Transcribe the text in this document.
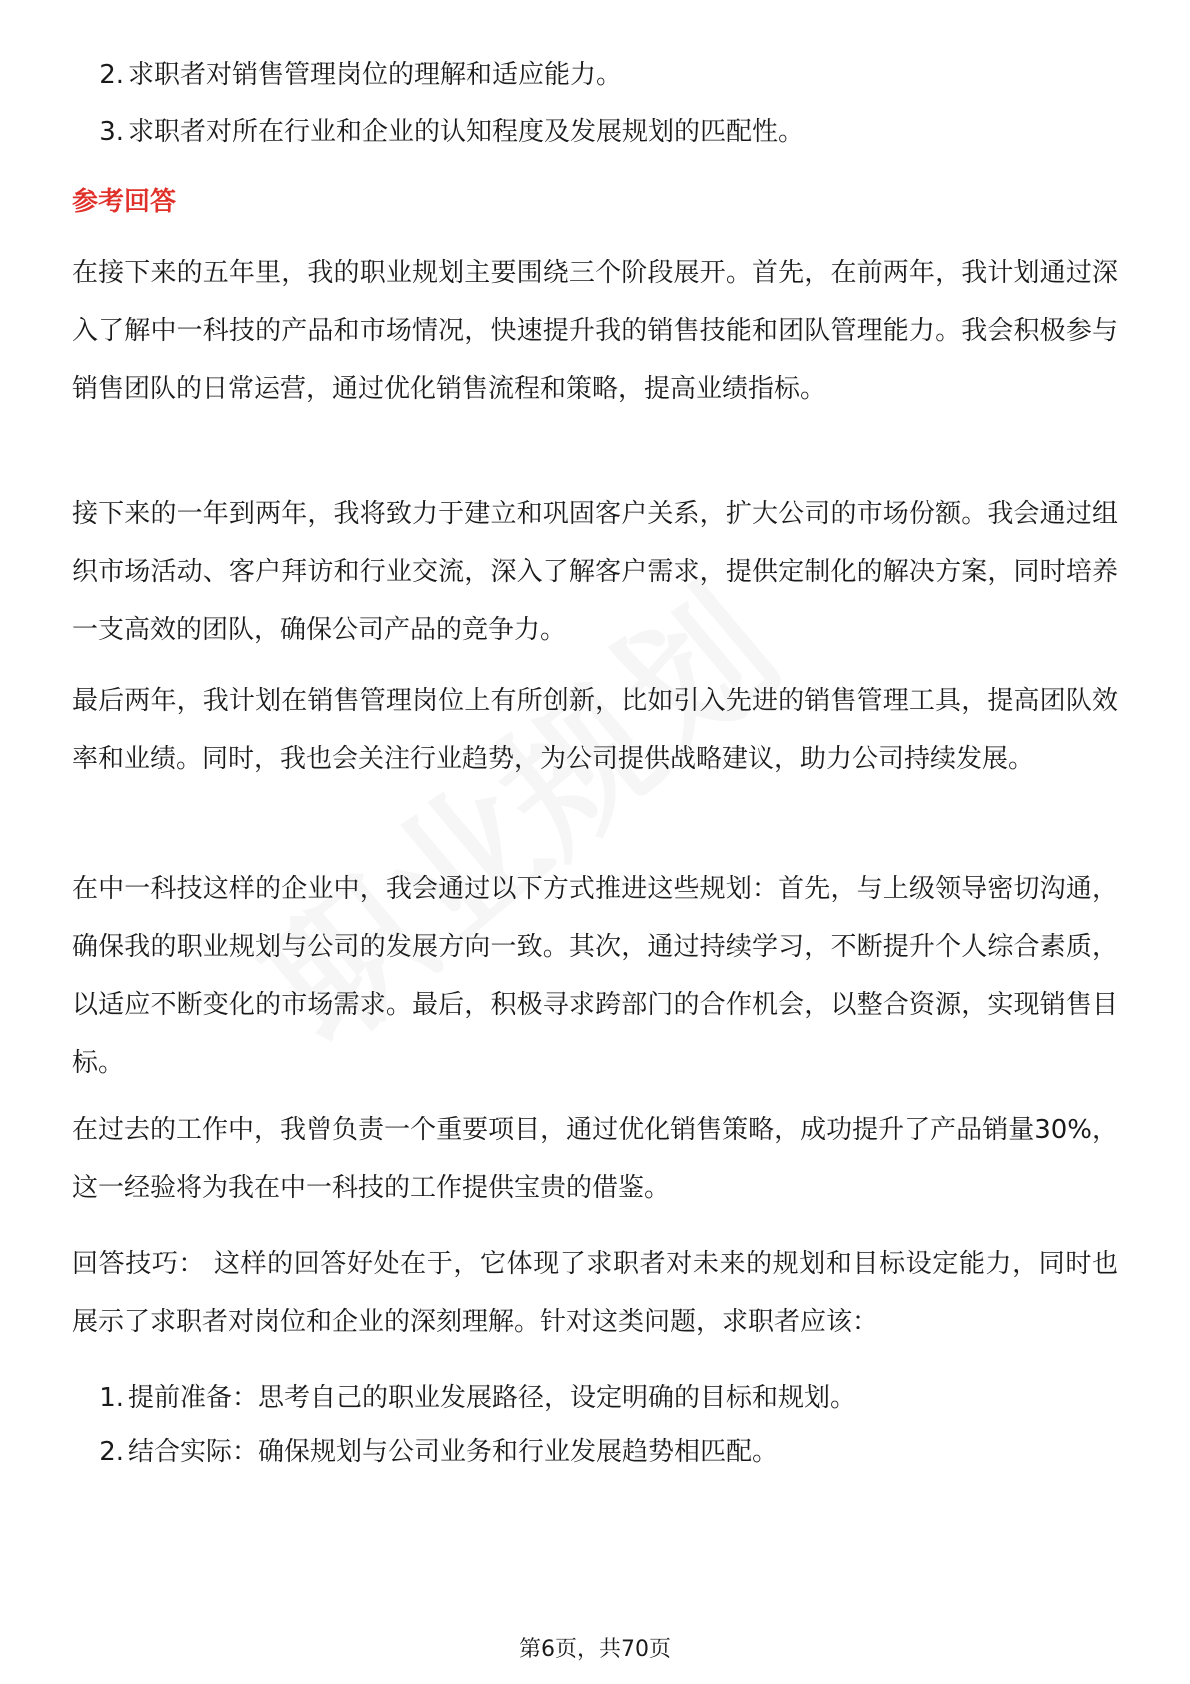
2. 求职者对销售管理岗位的理解和适应能力。
3. 求职者对所在行业和企业的认知程度及发展规划的匹配性。
参考回答
在接下来的五年里，我的职业规划主要围绕三个阶段展开。首先，在前两年，我计划通过深入了解中一科技的产品和市场情况，快速提升我的销售技能和团队管理能力。我会积极参与销售团队的日常运营，通过优化销售流程和策略，提高业绩指标。
接下来的一年到两年，我将致力于建立和巩固客户关系，扩大公司的市场份额。我会通过组织市场活动、客户拜访和行业交流，深入了解客户需求，提供定制化的解决方案，同时培养一支高效的团队，确保公司产品的竞争力。
最后两年，我计划在销售管理岗位上有所创新，比如引入先进的销售管理工具，提高团队效率和业绩。同时，我也会关注行业趋势，为公司提供战略建议，助力公司持续发展。
在中一科技这样的企业中，我会通过以下方式推进这些规划：首先，与上级领导密切沟通，确保我的职业规划与公司的发展方向一致。其次，通过持续学习，不断提升个人综合素质，以适应不断变化的市场需求。最后，积极寻求跨部门的合作机会，以整合资源，实现销售目标。
在过去的工作中，我曾负责一个重要项目，通过优化销售策略，成功提升了产品销量30%，这一经验将为我在中一科技的工作提供宝贵的借鉴。
回答技巧： 这样的回答好处在于，它体现了求职者对未来的规划和目标设定能力，同时也展示了求职者对岗位和企业的深刻理解。针对这类问题，求职者应该：
1. 提前准备：思考自己的职业发展路径，设定明确的目标和规划。
2. 结合实际：确保规划与公司业务和行业发展趋势相匹配。
第6页，共70页
